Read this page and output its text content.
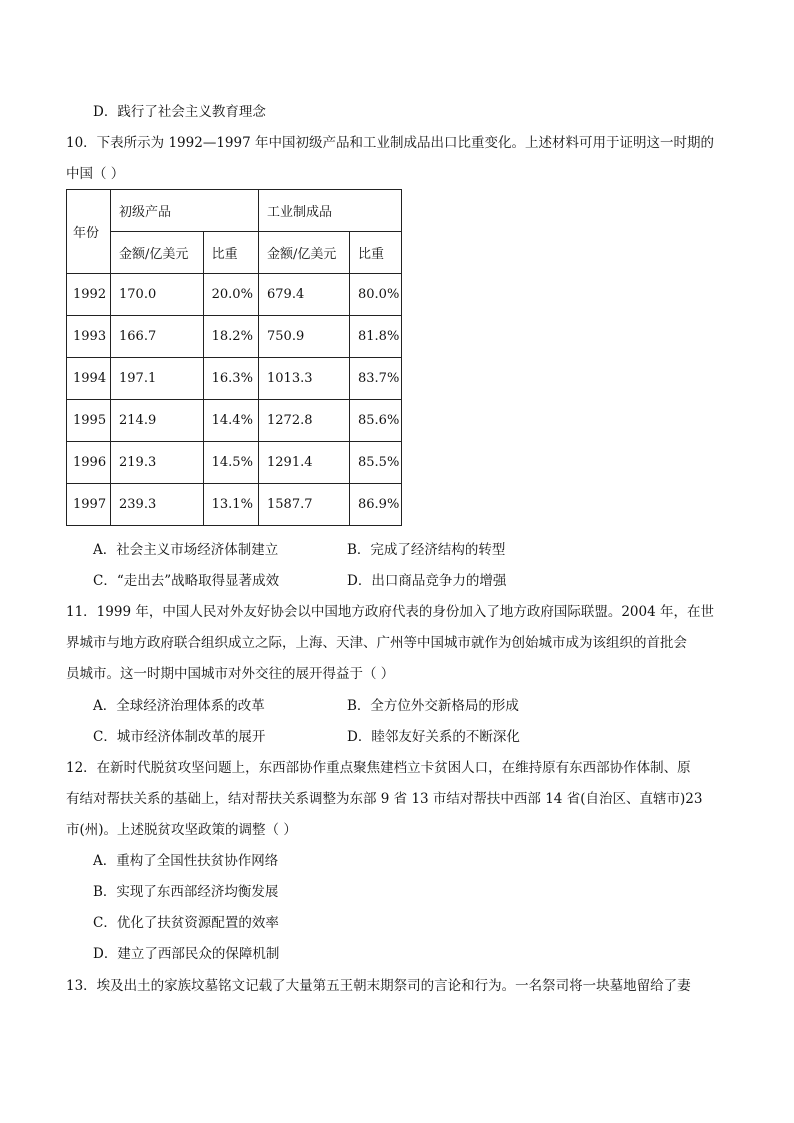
D．践行了社会主义教育理念
10．下表所示为 1992—1997 年中国初级产品和工业制成品出口比重变化。上述材料可用于证明这一时期的
中国（ ）
年份	初级产品		工业制成品	
	金额/亿美元	比重	金额/亿美元	比重
1992	170.0	20.0%	679.4	80.0%
1993	166.7	18.2%	750.9	81.8%
1994	197.1	16.3%	1013.3	83.7%
1995	214.9	14.4%	1272.8	85.6%
1996	219.3	14.5%	1291.4	85.5%
1997	239.3	13.1%	1587.7	86.9%
A．社会主义市场经济体制建立	B．完成了经济结构的转型
C．“走出去”战略取得显著成效	D．出口商品竞争力的增强
11．1999 年，中国人民对外友好协会以中国地方政府代表的身份加入了地方政府国际联盟。2004 年，在世
界城市与地方政府联合组织成立之际，上海、天津、广州等中国城市就作为创始城市成为该组织的首批会
员城市。这一时期中国城市对外交往的展开得益于（ ）
A．全球经济治理体系的改革	B．全方位外交新格局的形成
C．城市经济体制改革的展开	D．睦邻友好关系的不断深化
12．在新时代脱贫攻坚问题上，东西部协作重点聚焦建档立卡贫困人口，在维持原有东西部协作体制、原
有结对帮扶关系的基础上，结对帮扶关系调整为东部 9 省 13 市结对帮扶中西部 14 省(自治区、直辖市)23
市(州)。上述脱贫攻坚政策的调整（ ）
A．重构了全国性扶贫协作网络
B．实现了东西部经济均衡发展
C．优化了扶贫资源配置的效率
D．建立了西部民众的保障机制
13．埃及出土的家族坟墓铭文记载了大量第五王朝末期祭司的言论和行为。一名祭司将一块墓地留给了妻
